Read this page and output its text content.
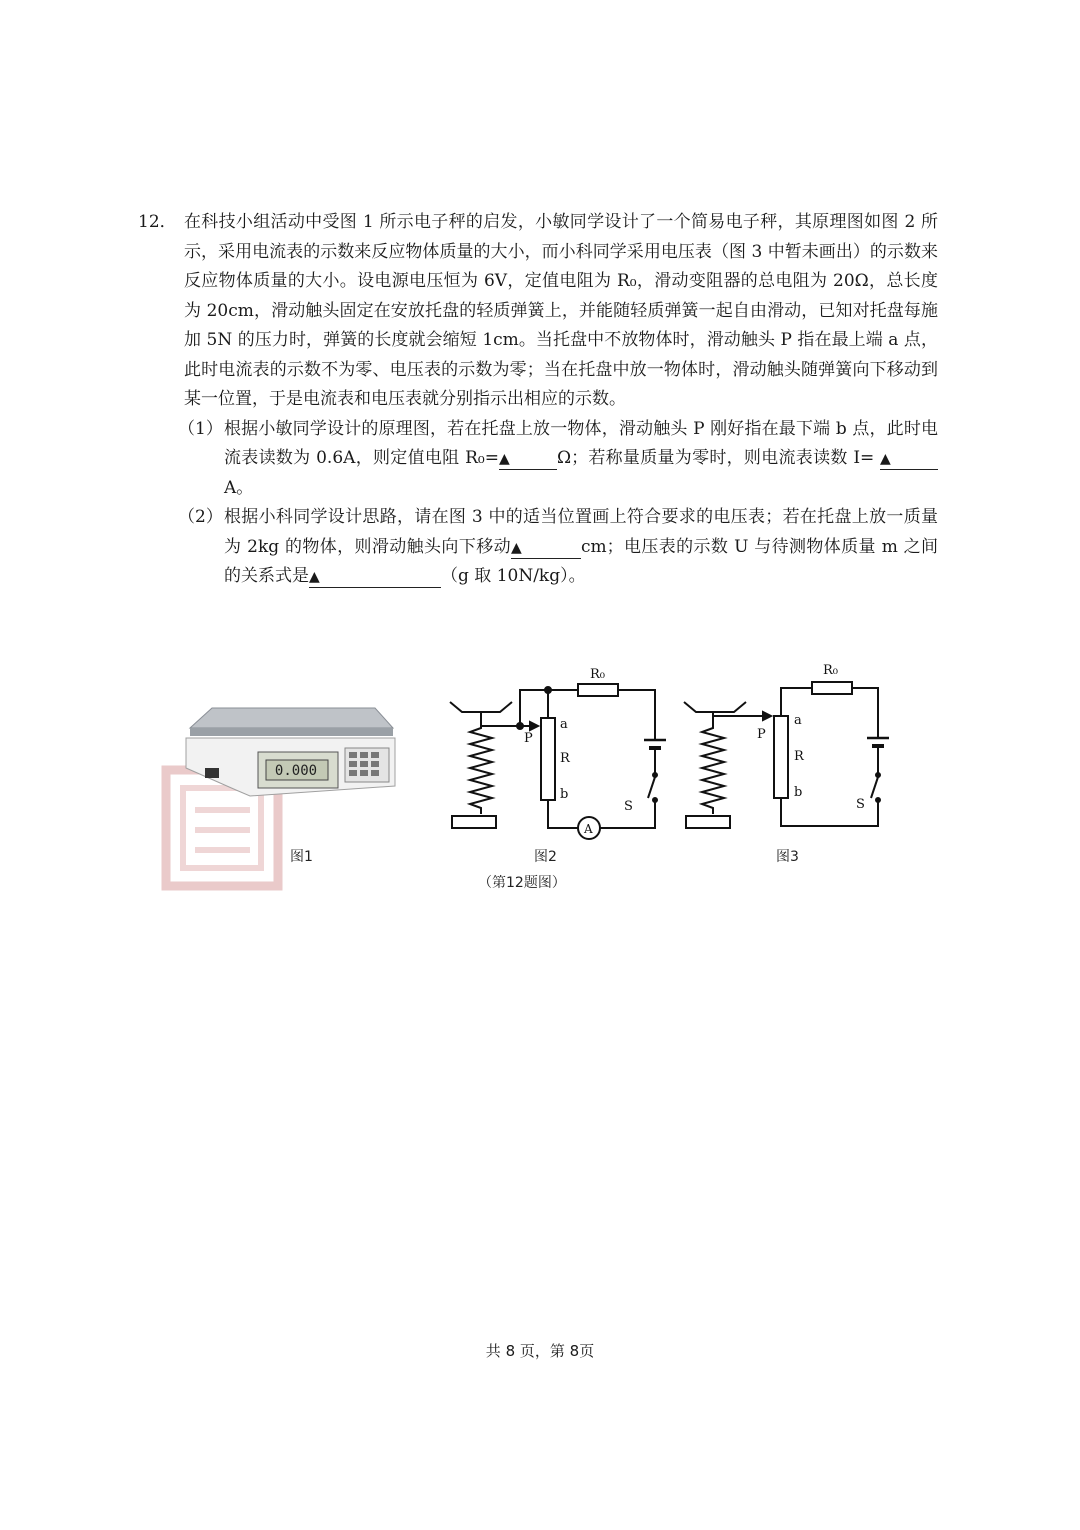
12． 在科技小组活动中受图 1 所示电子秤的启发，小敏同学设计了一个简易电子秤，其原理图如图 2 所示，采用电流表的示数来反应物体质量的大小，而小科同学采用电压表（图 3 中暂未画出）的示数来反应物体质量的大小。设电源电压恒为 6V，定值电阻为 R₀，滑动变阻器的总电阻为 20Ω，总长度为 20cm，滑动触头固定在安放托盘的轻质弹簧上，并能随轻质弹簧一起自由滑动，已知对托盘每施加 5N 的压力时，弹簧的长度就会缩短 1cm。当托盘中不放物体时，滑动触头 P 指在最上端 a 点，此时电流表的示数不为零、电压表的示数为零；当在托盘中放一物体时，滑动触头随弹簧向下移动到某一位置，于是电流表和电压表就分别指示出相应的示数。
（1） 根据小敏同学设计的原理图，若在托盘上放一物体，滑动触头 P 刚好指在最下端 b 点，此时电流表读数为 0.6A，则定值电阻 R₀=▲	Ω；若称量质量为零时，则电流表读数 I= ▲A。
（2） 根据小科同学设计思路，请在图 3 中的适当位置画上符合要求的电压表；若在托盘上放一质量为 2kg 的物体，则滑动触头向下移动▲	cm；电压表的示数 U 与待测物体质量 m 之间的关系式是▲	（g 取 10N/kg）。
0.000
R₀
a
R
b
P
S
A
R₀
a
R
b
P
S
图1	图2	图3
（第12题图）
共 8 页，第 8页
